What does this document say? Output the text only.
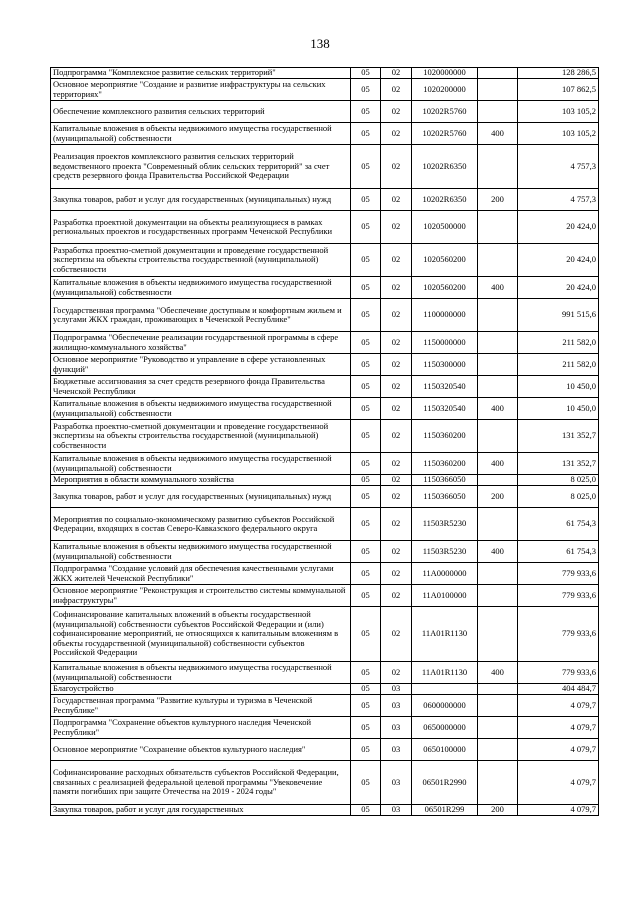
138
Подпрограмма "Комплексное развитие сельских территорий"	05	02	1020000000		128 286,5
Основное мероприятие "Создание и развитие инфраструктуры на сельских территориях"	05	02	1020200000		107 862,5
Обеспечение комплексного развития сельских территорий	05	02	10202R5760		103 105,2
Капитальные вложения в объекты недвижимого имущества государственной (муниципальной) собственности	05	02	10202R5760	400	103 105,2
Реализация проектов комплексного развития сельских территорий ведомственного проекта "Современный облик сельских территорий" за счет средств резервного фонда Правительства Российской Федерации	05	02	10202R6350		4 757,3
Закупка товаров, работ и услуг для государственных (муниципальных) нужд	05	02	10202R6350	200	4 757,3
Разработка проектной документации на объекты реализующиеся в рамках региональных проектов и государственных программ Чеченской Республики	05	02	1020500000		20 424,0
Разработка проектно-сметной документации и проведение государственной экспертизы на объекты строительства государственной (муниципальной) собственности	05	02	1020560200		20 424,0
Капитальные вложения в объекты недвижимого имущества государственной (муниципальной) собственности	05	02	1020560200	400	20 424,0
Государственная программа "Обеспечение доступным и комфортным жильем и услугами ЖКХ граждан, проживающих в Чеченской Республике"	05	02	1100000000		991 515,6
Подпрограмма "Обеспечение реализации государственной программы в сфере жилищно-коммунального хозяйства"	05	02	1150000000		211 582,0
Основное мероприятие "Руководство и управление в сфере установленных функций"	05	02	1150300000		211 582,0
Бюджетные ассигнования за счет средств резервного фонда Правительства Чеченской Республики	05	02	1150320540		10 450,0
Капитальные вложения в объекты недвижимого имущества государственной (муниципальной) собственности	05	02	1150320540	400	10 450,0
Разработка проектно-сметной документации и проведение государственной экспертизы на объекты строительства государственной (муниципальной) собственности	05	02	1150360200		131 352,7
Капитальные вложения в объекты недвижимого имущества государственной (муниципальной) собственности	05	02	1150360200	400	131 352,7
Мероприятия в области коммунального хозяйства	05	02	1150366050		8 025,0
Закупка товаров, работ и услуг для государственных (муниципальных) нужд	05	02	1150366050	200	8 025,0
Мероприятия по социально-экономическому развитию субъектов Российской Федерации, входящих в состав Северо-Кавказского федерального округа	05	02	11503R5230		61 754,3
Капитальные вложения в объекты недвижимого имущества государственной (муниципальной) собственности	05	02	11503R5230	400	61 754,3
Подпрограмма "Создание условий для обеспечения качественными услугами ЖКХ жителей Чеченской Республики"	05	02	11A0000000		779 933,6
Основное мероприятие "Реконструкция и строительство системы коммунальной инфраструктуры"	05	02	11A0100000		779 933,6
Софинансирование капитальных вложений в объекты государственной (муниципальной) собственности субъектов Российской Федерации и (или) софинансирование мероприятий, не относящихся к капитальным вложениям в объекты государственной (муниципальной) собственности субъектов Российской Федерации	05	02	11A01R1130		779 933,6
Капитальные вложения в объекты недвижимого имущества государственной (муниципальной) собственности	05	02	11A01R1130	400	779 933,6
Благоустройство	05	03			404 484,7
Государственная программа "Развитие культуры и туризма в Чеченской Республике"	05	03	0600000000		4 079,7
Подпрограмма "Сохранение объектов культурного наследия Чеченской Республики"	05	03	0650000000		4 079,7
Основное мероприятие "Сохранение объектов культурного наследия"	05	03	0650100000		4 079,7
Софинансирование расходных обязательств субъектов Российской Федерации, связанных с реализацией федеральной целевой программы "Увековечение памяти погибших при защите Отечества на 2019 - 2024 годы"	05	03	06501R2990		4 079,7
Закупка товаров, работ и услуг для государственных	05	03	06501R299	200	4 079,7
